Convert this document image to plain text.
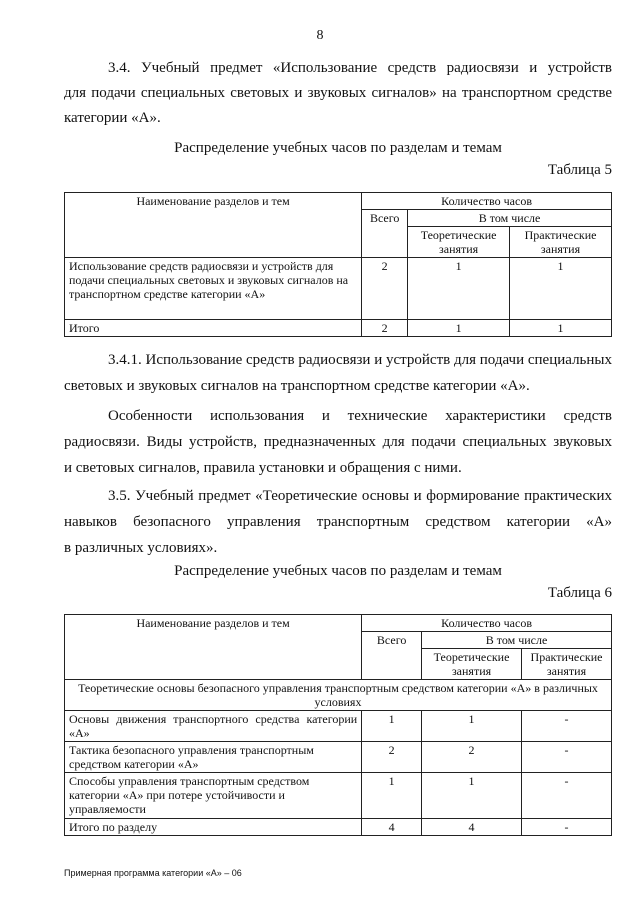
8

3.4. Учебный предмет «Использование средств радиосвязи и устройств

для подачи специальных световых и звуковых сигналов» на транспортном средстве

категории «А».

Распределение учебных часов по разделам и темам
Таблица 5
Наименование разделов и тем	Количество часов		
	Всего	В том числе	
		Теоретические занятия	Практические занятия
Использование средств радиосвязи и устройств для подачи специальных световых и звуковых сигналов на транспортном средстве категории «А»	2	1	1
Итого	2	1	1

3.4.1. Использование средств радиосвязи и устройств для подачи специальных

световых и звуковых сигналов на транспортном средстве категории «А».

Особенности использования и технические характеристики средств

радиосвязи. Виды устройств, предназначенных для подачи специальных звуковых

и световых сигналов, правила установки и обращения с ними.

3.5. Учебный предмет «Теоретические основы и формирование практических

навыков безопасного управления транспортным средством категории «А»

в различных условиях».

Распределение учебных часов по разделам и темам
Таблица 6
Наименование разделов и тем	Количество часов		
	Всего	В том числе	
		Теоретические занятия	Практические занятия
Теоретические основы безопасного управления транспортным средством категории «А» в различных условиях			
Основы движения транспортного средства категории «А»	1	1	-
Тактика безопасного управления транспортным средством категории «А»	2	2	-
Способы управления транспортным средством категории «А» при потере устойчивости и управляемости	1	1	-
Итого по разделу	4	4	-
Примерная программа категории «А» – 06
